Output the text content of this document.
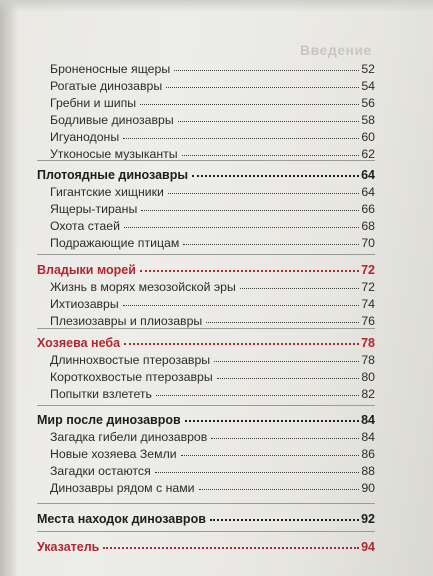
Введение
Броненосные ящеры	52
Рогатые динозавры	54
Гребни и шипы	56
Бодливые динозавры	58
Игуанодоны	60
Утконосые музыканты	62
Плотоядные динозавры	64
Гигантские хищники	64
Ящеры-тираны	66
Охота стаей	68
Подражающие птицам	70
Владыки морей	72
Жизнь в морях мезозойской эры	72
Ихтиозавры	74
Плезиозавры и плиозавры	76
Хозяева неба	78
Длиннохвостые птерозавры	78
Короткохвостые птерозавры	80
Попытки взлететь	82
Мир после динозавров	84
Загадка гибели динозавров	84
Новые хозяева Земли	86
Загадки остаются	88
Динозавры рядом с нами	90
Места находок динозавров	92
Указатель	94
